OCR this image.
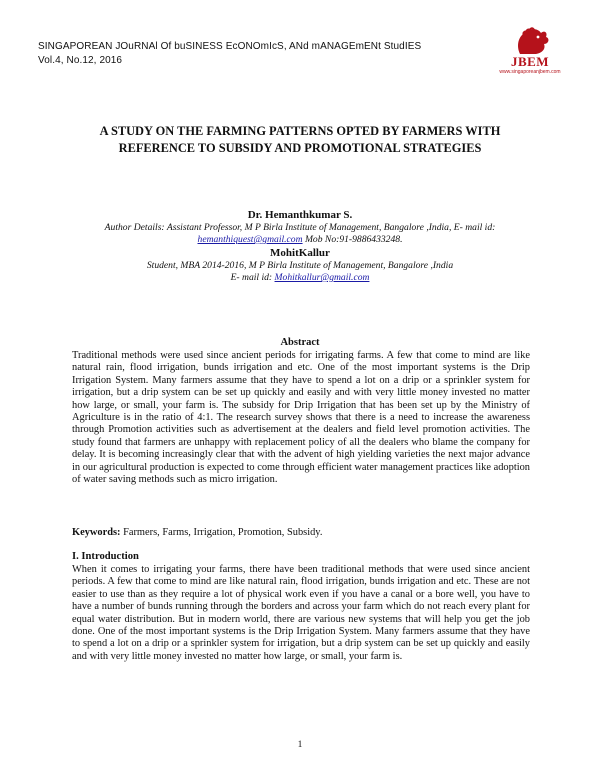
SINGAPOREAN JOuRNAl Of buSINESS EcONOmIcS, ANd mANAGEmENt StudIES
Vol.4, No.12, 2016	JBEM
www.singaporeanjbem.com
A STUDY ON THE FARMING PATTERNS OPTED BY FARMERS WITH
REFERENCE TO SUBSIDY AND PROMOTIONAL STRATEGIES
Dr. Hemanthkumar S.
Author Details: Assistant Professor, M P Birla Institute of Management, Bangalore ,India, E- mail id:
hemanthiquest@gmail.com Mob No:91-9886433248.
MohitKallur
Student, MBA 2014-2016, M P Birla Institute of Management, Bangalore ,India
E- mail id: Mohitkallur@gmail.com
Abstract
Traditional methods were used since ancient periods for irrigating farms. A few that come to mind are like natural rain, flood irrigation, bunds irrigation and etc. One of the most important systems is the Drip Irrigation System. Many farmers assume that they have to spend a lot on a drip or a sprinkler system for irrigation, but a drip system can be set up quickly and easily and with very little money invested no matter how large, or small, your farm is. The subsidy for Drip Irrigation that has been set up by the Ministry of Agriculture is in the ratio of 4:1. The research survey shows that there is a need to increase the awareness through Promotion activities such as advertisement at the dealers and field level promotion activities. The study found that farmers are unhappy with replacement policy of all the dealers who blame the company for delay. It is becoming increasingly clear that with the advent of high yielding varieties the next major advance in our agricultural production is expected to come through efficient water management practices like adoption of water saving methods such as micro irrigation.
Keywords: Farmers, Farms, Irrigation, Promotion, Subsidy.
I. Introduction
When it comes to irrigating your farms, there have been traditional methods that were used since ancient periods. A few that come to mind are like natural rain, flood irrigation, bunds irrigation and etc. These are not easier to use than as they require a lot of physical work even if you have a canal or a bore well, you have to have a number of bunds running through the borders and across your farm which do not reach every plant for equal water distribution. But in modern world, there are various new systems that will help you get the job done. One of the most important systems is the Drip Irrigation System. Many farmers assume that they have to spend a lot on a drip or a sprinkler system for irrigation, but a drip system can be set up quickly and easily and with very little money invested no matter how large, or small, your farm is.
1
